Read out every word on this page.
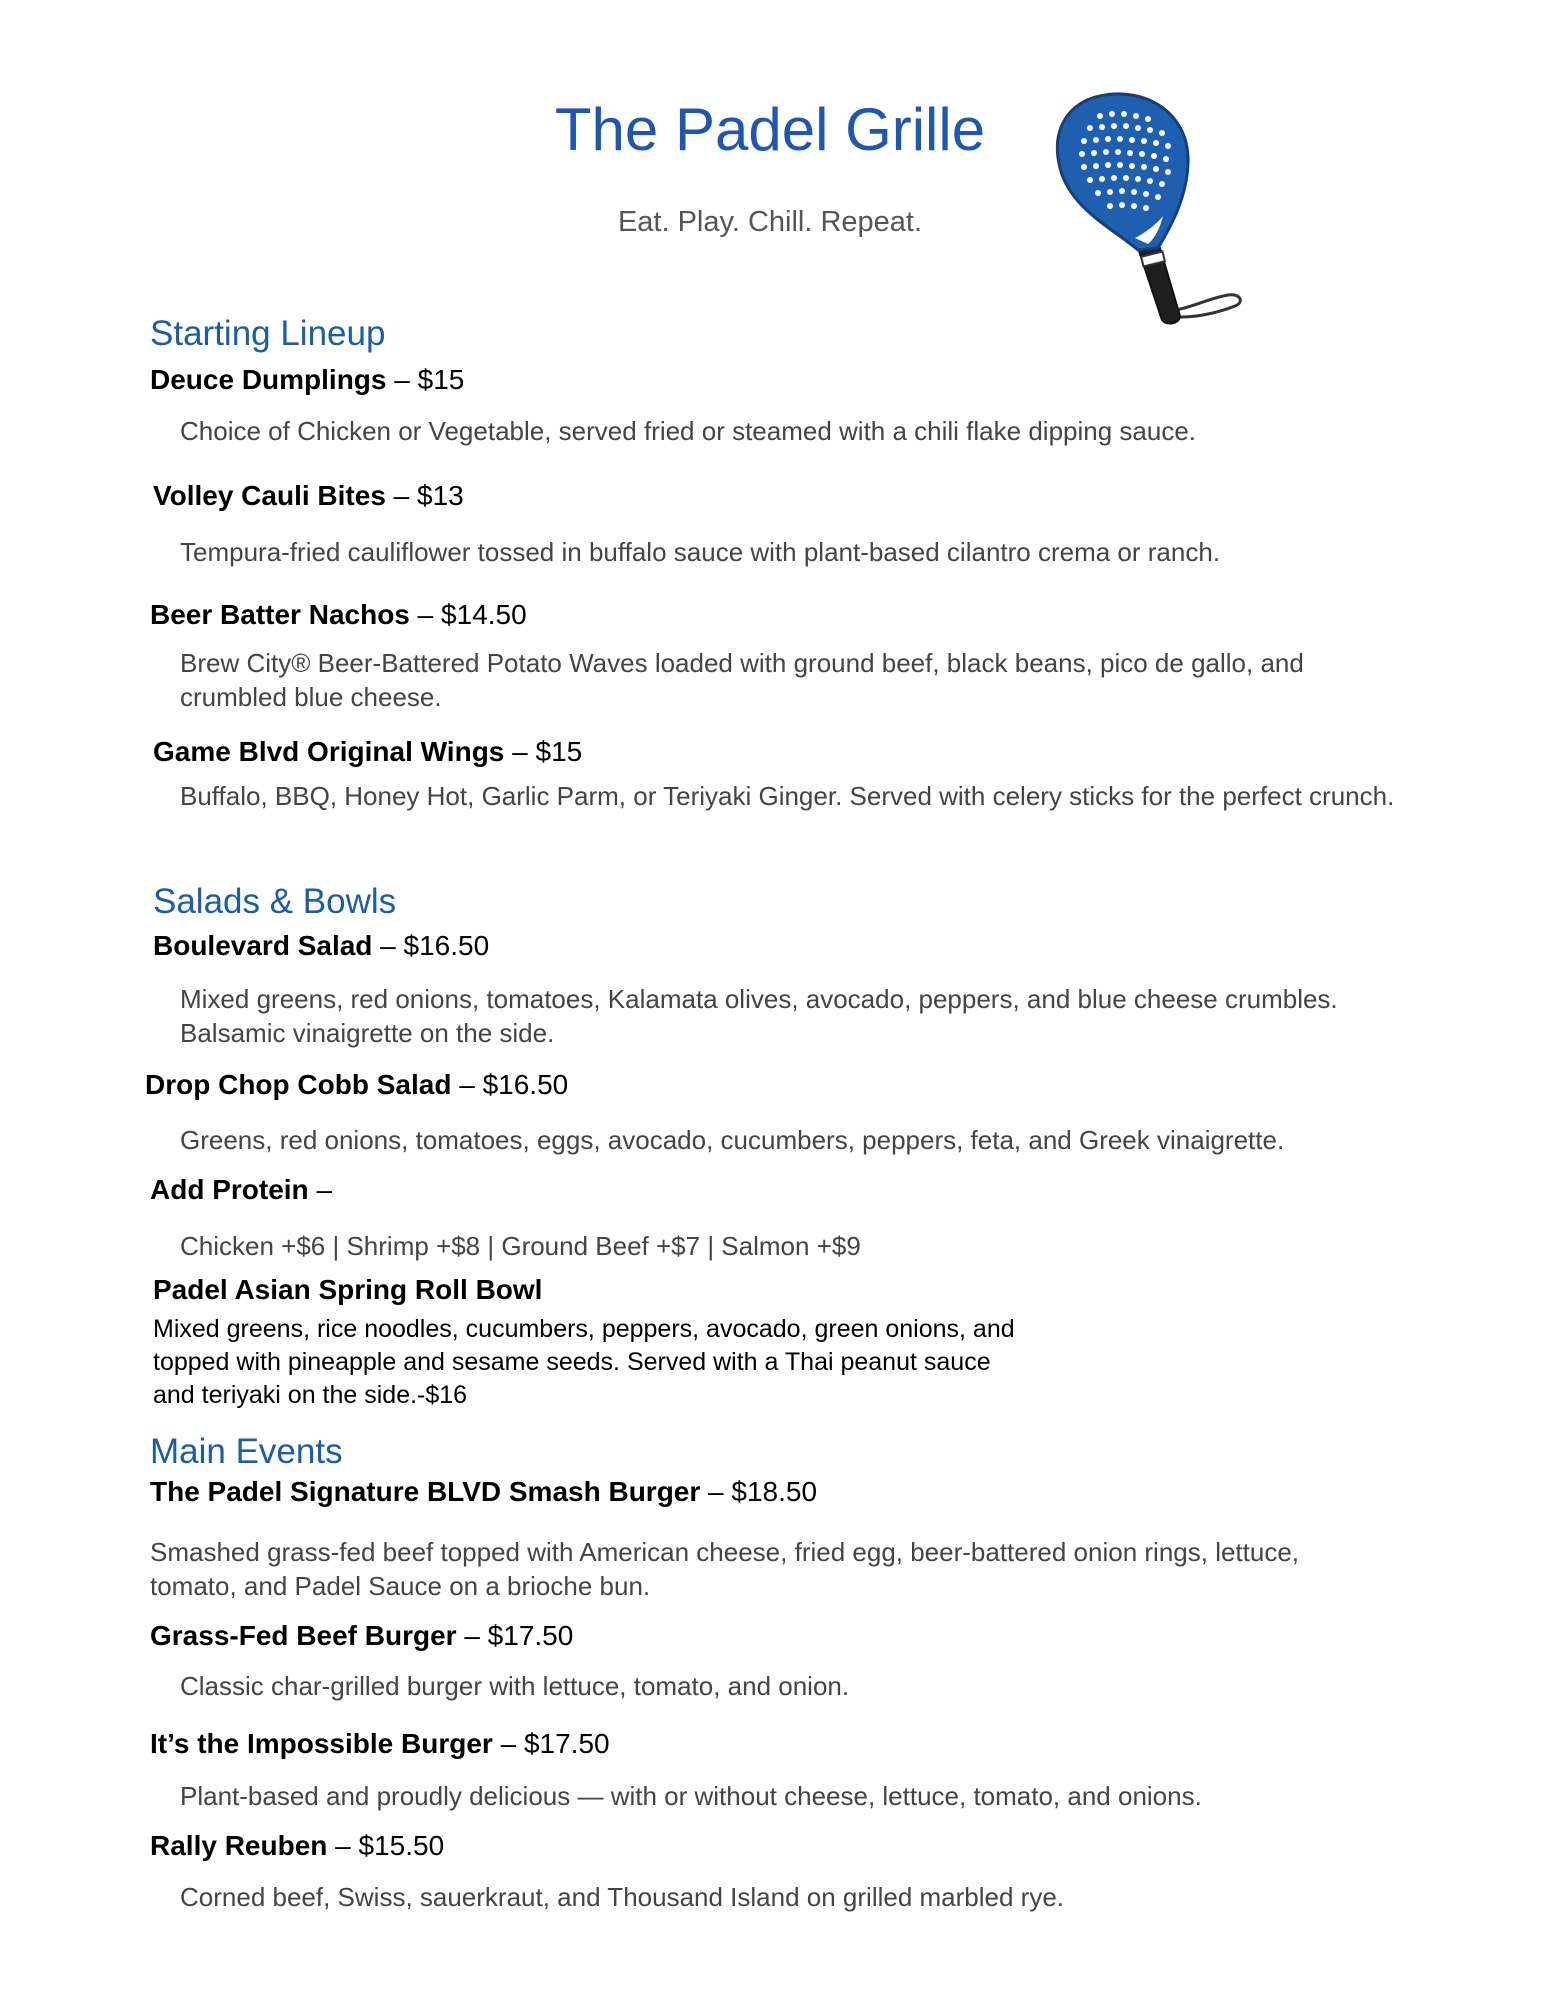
The Padel Grille
Eat. Play. Chill. Repeat.
Starting Lineup
Deuce Dumplings – $15
Choice of Chicken or Vegetable, served fried or steamed with a chili flake dipping sauce.
Volley Cauli Bites – $13
Tempura-fried cauliflower tossed in buffalo sauce with plant-based cilantro crema or ranch.
Beer Batter Nachos – $14.50
Brew City® Beer-Battered Potato Waves loaded with ground beef, black beans, pico de gallo, and crumbled blue cheese.
Game Blvd Original Wings – $15
Buffalo, BBQ, Honey Hot, Garlic Parm, or Teriyaki Ginger. Served with celery sticks for the perfect crunch.
Salads & Bowls
Boulevard Salad – $16.50
Mixed greens, red onions, tomatoes, Kalamata olives, avocado, peppers, and blue cheese crumbles. Balsamic vinaigrette on the side.
Drop Chop Cobb Salad – $16.50
Greens, red onions, tomatoes, eggs, avocado, cucumbers, peppers, feta, and Greek vinaigrette.
Add Protein –
Chicken +$6 | Shrimp +$8 | Ground Beef +$7 | Salmon +$9
Padel Asian Spring Roll Bowl
Mixed greens, rice noodles, cucumbers, peppers, avocado, green onions, and topped with pineapple and sesame seeds. Served with a Thai peanut sauce and teriyaki on the side.-$16
Main Events
The Padel Signature BLVD Smash Burger – $18.50
Smashed grass-fed beef topped with American cheese, fried egg, beer-battered onion rings, lettuce, tomato, and Padel Sauce on a brioche bun.
Grass-Fed Beef Burger – $17.50
Classic char-grilled burger with lettuce, tomato, and onion.
It’s the Impossible Burger – $17.50
Plant-based and proudly delicious — with or without cheese, lettuce, tomato, and onions.
Rally Reuben – $15.50
Corned beef, Swiss, sauerkraut, and Thousand Island on grilled marbled rye.
